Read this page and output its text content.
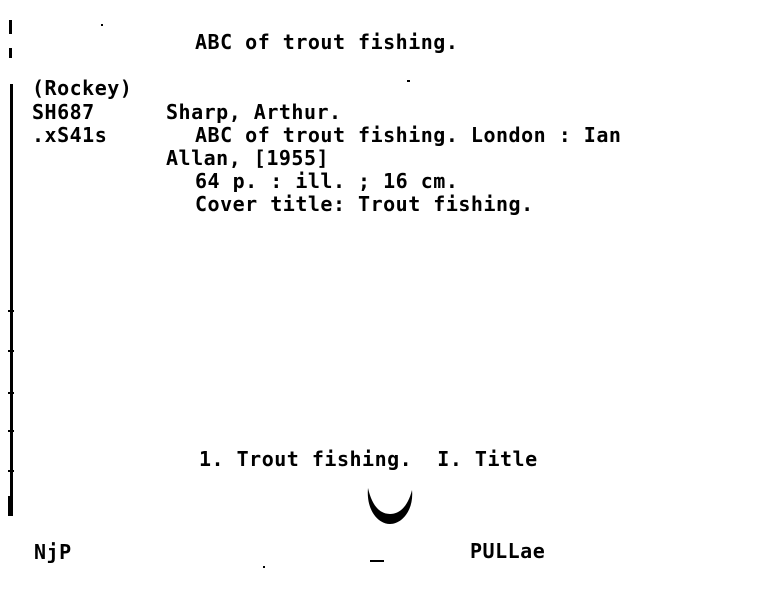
ABC of trout fishing.
(Rockey)
SH687	Sharp, Arthur.
.xS41s	ABC of trout fishing. London : Ian
Allan, [1955]
64 p. : ill. ; 16 cm.
Cover title: Trout fishing.
1. Trout fishing.  I. Title
NjP	PULLae
